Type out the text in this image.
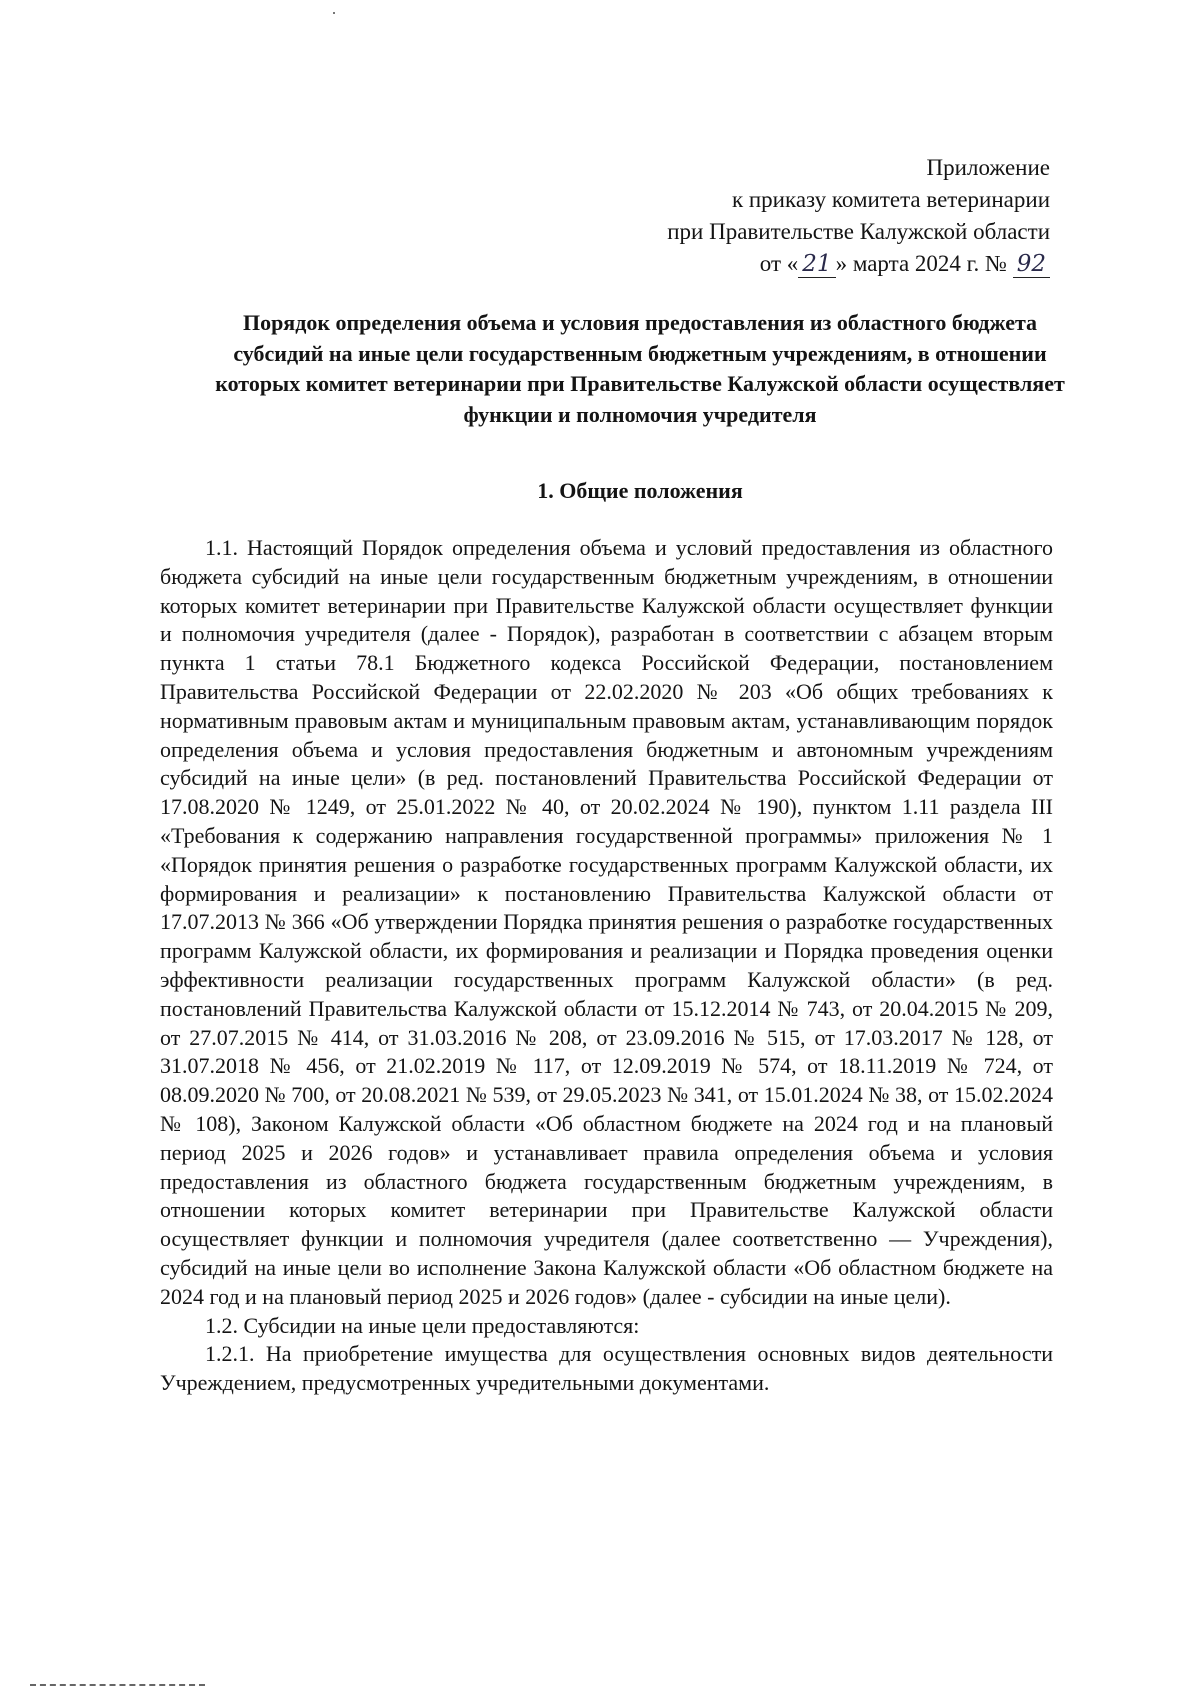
Приложение
к приказу комитета ветеринарии
при Правительстве Калужской области
от « 21 » марта 2024 г. № 92
Порядок определения объема и условия предоставления из областного бюджета субсидий на иные цели государственным бюджетным учреждениям, в отношении которых комитет ветеринарии при Правительстве Калужской области осуществляет функции и полномочия учредителя
1. Общие положения

1.1. Настоящий Порядок определения объема и условий предоставления из областного бюджета субсидий на иные цели государственным бюджетным учреждениям, в отношении которых комитет ветеринарии при Правительстве Калужской области осуществляет функции и полномочия учредителя (далее - Порядок), разработан в соответствии с абзацем вторым пункта 1 статьи 78.1 Бюджетного кодекса Российской Федерации, постановлением Правительства Российской Федерации от 22.02.2020 № 203 «Об общих требованиях к нормативным правовым актам и муниципальным правовым актам, устанавливающим порядок определения объема и условия предоставления бюджетным и автономным учреждениям субсидий на иные цели» (в ред. постановлений Правительства Российской Федерации от 17.08.2020 № 1249, от 25.01.2022 № 40, от 20.02.2024 № 190), пунктом 1.11 раздела III «Требования к содержанию направления государственной программы» приложения № 1 «Порядок принятия решения о разработке государственных программ Калужской области, их формирования и реализации» к постановлению Правительства Калужской области от 17.07.2013 № 366 «Об утверждении Порядка принятия решения о разработке государственных программ Калужской области, их формирования и реализации и Порядка проведения оценки эффективности реализации государственных программ Калужской области» (в ред. постановлений Правительства Калужской области от 15.12.2014 № 743, от 20.04.2015 № 209, от 27.07.2015 № 414, от 31.03.2016 № 208, от 23.09.2016 № 515, от 17.03.2017 № 128, от 31.07.2018 № 456, от 21.02.2019 № 117, от 12.09.2019 № 574, от 18.11.2019 № 724, от 08.09.2020 № 700, от 20.08.2021 № 539, от 29.05.2023 № 341, от 15.01.2024 № 38, от 15.02.2024 № 108), Законом Калужской области «Об областном бюджете на 2024 год и на плановый период 2025 и 2026 годов» и устанавливает правила определения объема и условия предоставления из областного бюджета государственным бюджетным учреждениям, в отношении которых комитет ветеринарии при Правительстве Калужской области осуществляет функции и полномочия учредителя (далее соответственно — Учреждения), субсидий на иные цели во исполнение Закона Калужской области «Об областном бюджете на 2024 год и на плановый период 2025 и 2026 годов» (далее - субсидии на иные цели).

1.2. Субсидии на иные цели предоставляются:

1.2.1. На приобретение имущества для осуществления основных видов деятельности Учреждением, предусмотренных учредительными документами.
